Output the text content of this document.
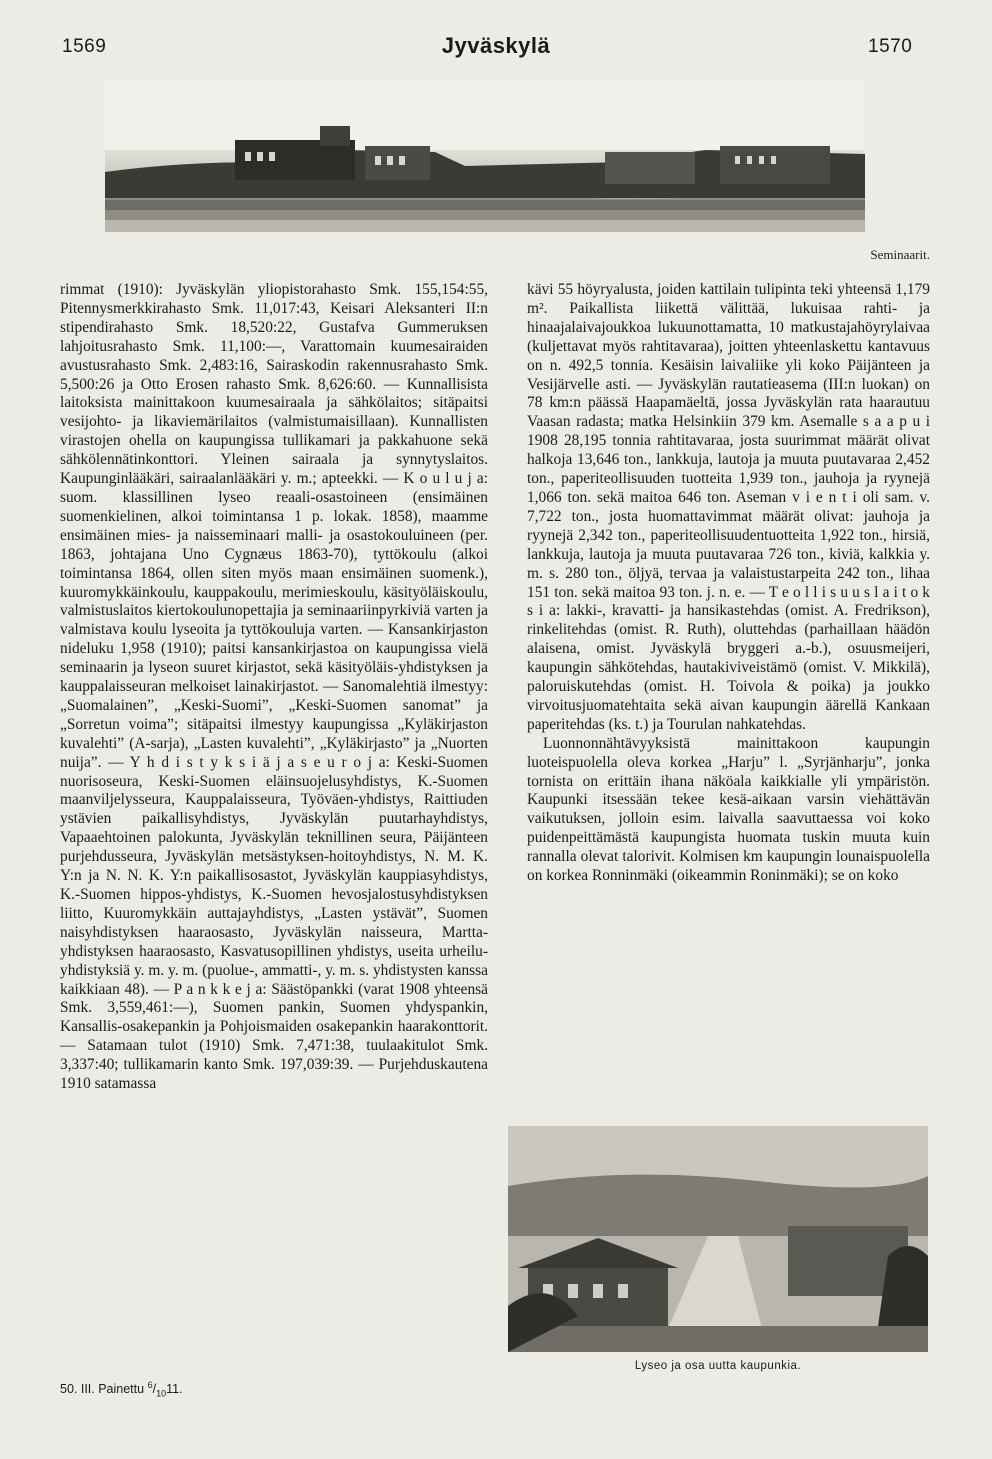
1569	Jyväskylä	1570
Seminaarit.

rimmat (1910): Jyväskylän yliopistorahasto Smk. 155,154:55, Pitennysmerkkirahasto Smk. 11,017:43, Keisari Aleksanteri II:n stipendirahasto Smk. 18,520:22, Gustafva Gummeruksen lahjoitusrahasto Smk. 11,100:—, Varattomain kuumesairaiden avustusrahasto Smk. 2,483:16, Sairaskodin rakennusrahasto Smk. 5,500:26 ja Otto Erosen rahasto Smk. 8,626:60. — Kunnallisista laitoksista mainittakoon kuumesairaala ja sähkölaitos; sitäpaitsi vesijohto- ja likaviemärilaitos (valmistumaisillaan). Kunnallisten virastojen ohella on kaupungissa tullikamari ja pakkahuone sekä sähkölennätinkonttori. Yleinen sairaala ja synnytyslaitos. Kaupunginlääkäri, sairaalanlääkäri y. m.; apteekki. — K o u l u j a: suom. klassillinen lyseo reaali-osastoineen (ensimäinen suomenkielinen, alkoi toimintansa 1 p. lokak. 1858), maamme ensimäinen mies- ja naisseminaari malli- ja osastokouluineen (per. 1863, johtajana Uno Cygnæus 1863-70), tyttökoulu (alkoi toimintansa 1864, ollen siten myös maan ensimäinen suomenk.), kuuromykkäinkoulu, kauppakoulu, merimieskoulu, käsityöläiskoulu, valmistuslaitos kiertokoulunopettajia ja seminaariinpyrkiviä varten ja valmistava koulu lyseoita ja tyttökouluja varten. — Kansankirjaston nideluku 1,958 (1910); paitsi kansankirjastoa on kaupungissa vielä seminaarin ja lyseon suuret kirjastot, sekä käsityöläis-yhdistyksen ja kauppalaisseuran melkoiset lainakirjastot. — Sanomalehtiä ilmestyy: „Suomalainen”, „Keski-Suomi”, „Keski-Suomen sanomat” ja „Sorretun voima”; sitäpaitsi ilmestyy kaupungissa „Kyläkirjaston kuvalehti” (A-sarja), „Lasten kuvalehti”, „Kyläkirjasto” ja „Nuorten nuija”. — Y h d i s t y k s i ä j a s e u r o j a: Keski-Suomen nuorisoseura, Keski-Suomen eläinsuojelusyhdistys, K.-Suomen maanviljelysseura, Kauppalaisseura, Työväen-yhdistys, Raittiuden ystävien paikallisyhdistys, Jyväskylän puutarhayhdistys, Vapaaehtoinen palokunta, Jyväskylän teknillinen seura, Päijänteen purjehdusseura, Jyväskylän metsästyksen-hoitoyhdistys, N. M. K. Y:n ja N. N. K. Y:n paikallisosastot, Jyväskylän kauppiasyhdistys, K.-Suomen hippos-yhdistys, K.-Suomen hevosjalostusyhdistyksen liitto, Kuuromykkäin auttajayhdistys, „Lasten ystävät”, Suomen naisyhdistyksen haaraosasto, Jyväskylän naisseura, Martta-yhdistyksen haaraosasto, Kasvatusopillinen yhdistys, useita urheilu-yhdistyksiä y. m. y. m. (puolue-, ammatti-, y. m. s. yhdistysten kanssa kaikkiaan 48). — P a n k k e j a: Säästöpankki (varat 1908 yhteensä Smk. 3,559,461:—), Suomen pankin, Suomen yhdyspankin, Kansallis-osakepankin ja Pohjoismaiden osakepankin haarakonttorit. — Satamaan tulot (1910) Smk. 7,471:38, tuulaakitulot Smk. 3,337:40; tullikamarin kanto Smk. 197,039:39. — Purjehduskautena 1910 satamassa

kävi 55 höyryalusta, joiden kattilain tulipinta teki yhteensä 1,179 m². Paikallista liikettä välittää, lukuisaa rahti- ja hinaajalaivajoukkoa lukuunottamatta, 10 matkustajahöyrylaivaa (kuljettavat myös rahtitavaraa), joitten yhteenlaskettu kantavuus on n. 492,5 tonnia. Kesäisin laivaliike yli koko Päijänteen ja Vesijärvelle asti. — Jyväskylän rautatieasema (III:n luokan) on 78 km:n päässä Haapamäeltä, jossa Jyväskylän rata haarautuu Vaasan radasta; matka Helsinkiin 379 km. Asemalle s a a p u i 1908 28,195 tonnia rahtitavaraa, josta suurimmat määrät olivat halkoja 13,646 ton., lankkuja, lautoja ja muuta puutavaraa 2,452 ton., paperiteollisuuden tuotteita 1,939 ton., jauhoja ja ryynejä 1,066 ton. sekä maitoa 646 ton. Aseman v i e n t i oli sam. v. 7,722 ton., josta huomattavimmat määrät olivat: jauhoja ja ryynejä 2,342 ton., paperiteollisuudentuotteita 1,922 ton., hirsiä, lankkuja, lautoja ja muuta puutavaraa 726 ton., kiviä, kalkkia y. m. s. 280 ton., öljyä, tervaa ja valaistustarpeita 242 ton., lihaa 151 ton. sekä maitoa 93 ton. j. n. e. — T e o l l i s u u s l a i t o k s i a: lakki-, kravatti- ja hansikastehdas (omist. A. Fredrikson), rinkelitehdas (omist. R. Ruth), oluttehdas (parhaillaan häädön alaisena, omist. Jyväskylä bryggeri a.-b.), osuusmeijeri, kaupungin sähkötehdas, hautakiviveistämö (omist. V. Mikkilä), paloruiskutehdas (omist. H. Toivola & poika) ja joukko virvoitusjuomatehtaita sekä aivan kaupungin äärellä Kankaan paperitehdas (ks. t.) ja Tourulan nahkatehdas.

Luonnonnähtävyyksistä mainittakoon kaupungin luoteispuolella oleva korkea „Harju” l. „Syrjänharju”, jonka tornista on erittäin ihana näköala kaikkialle yli ympäristön. Kaupunki itsessään tekee kesä-aikaan varsin viehättävän vaikutuksen, jolloin esim. laivalla saavuttaessa voi koko puidenpeittämästä kaupungista huomata tuskin muuta kuin rannalla olevat talorivit. Kolmisen km kaupungin lounaispuolella on korkea Ronninmäki (oikeammin Roninmäki); se on koko

Lyseo ja osa uutta kaupunkia.
50. III. Painettu $^6/_{10}11$.
